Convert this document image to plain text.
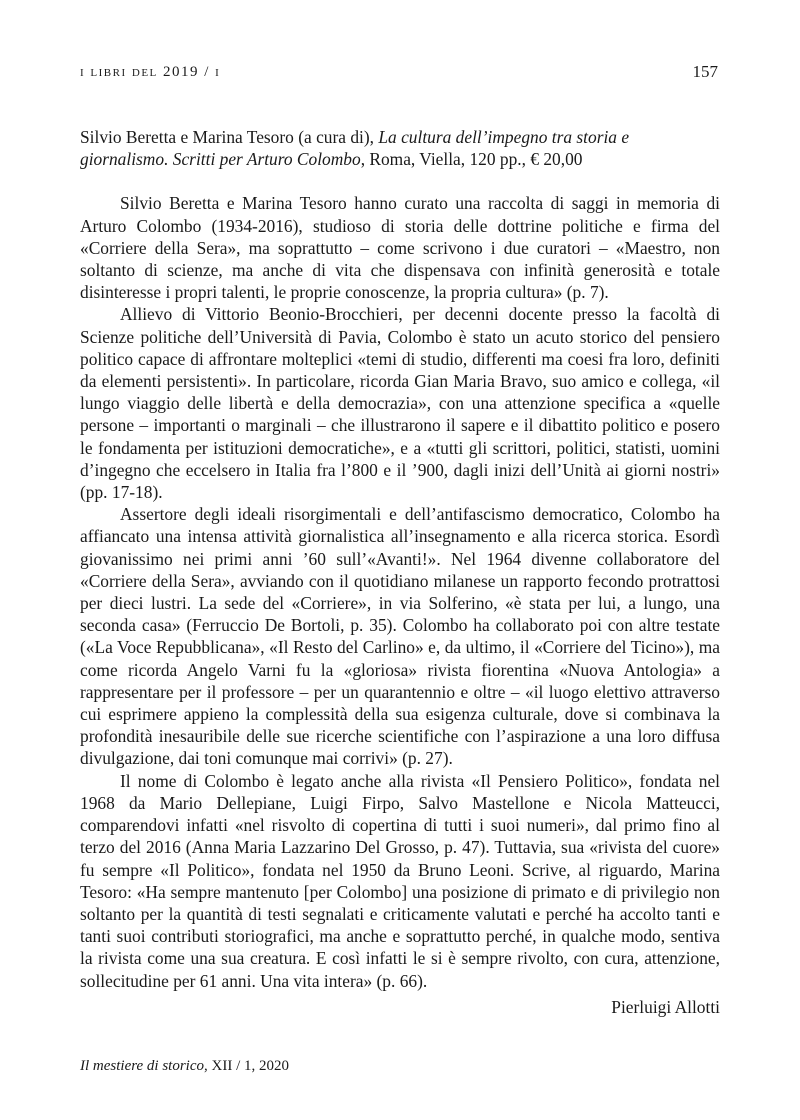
i libri del 2019 / i	157

Silvio Beretta e Marina Tesoro (a cura di), La cultura dell’impegno tra storia e giornalismo. Scritti per Arturo Colombo, Roma, Viella, 120 pp., € 20,00

Silvio Beretta e Marina Tesoro hanno curato una raccolta di saggi in memoria di Arturo Colombo (1934-2016), studioso di storia delle dottrine politiche e firma del «Corriere della Sera», ma soprattutto – come scrivono i due curatori – «Maestro, non soltanto di scienze, ma anche di vita che dispensava con infinità generosità e totale disinteresse i propri talenti, le proprie conoscenze, la propria cultura» (p. 7).

Allievo di Vittorio Beonio-Brocchieri, per decenni docente presso la facoltà di Scienze politiche dell’Università di Pavia, Colombo è stato un acuto storico del pensiero politico capace di affrontare molteplici «temi di studio, differenti ma coesi fra loro, definiti da elementi persistenti». In particolare, ricorda Gian Maria Bravo, suo amico e collega, «il lungo viaggio delle libertà e della democrazia», con una attenzione specifica a «quelle persone – importanti o marginali – che illustrarono il sapere e il dibattito politico e posero le fondamenta per istituzioni democratiche», e a «tutti gli scrittori, politici, statisti, uomini d’ingegno che eccelsero in Italia fra l’800 e il ’900, dagli inizi dell’Unità ai giorni nostri» (pp. 17-18).

Assertore degli ideali risorgimentali e dell’antifascismo democratico, Colombo ha affiancato una intensa attività giornalistica all’insegnamento e alla ricerca storica. Esordì giovanissimo nei primi anni ’60 sull’«Avanti!». Nel 1964 divenne collaboratore del «Corriere della Sera», avviando con il quotidiano milanese un rapporto fecondo protrattosi per dieci lustri. La sede del «Corriere», in via Solferino, «è stata per lui, a lungo, una seconda casa» (Ferruccio De Bortoli, p. 35). Colombo ha collaborato poi con altre testate («La Voce Repubblicana», «Il Resto del Carlino» e, da ultimo, il «Corriere del Ticino»), ma come ricorda Angelo Varni fu la «gloriosa» rivista fiorentina «Nuova Antologia» a rappresentare per il professore – per un quarantennio e oltre – «il luogo elettivo attraverso cui esprimere appieno la complessità della sua esigenza culturale, dove si combinava la profondità inesauribile delle sue ricerche scientifiche con l’aspirazione a una loro diffusa divulgazione, dai toni comunque mai corrivi» (p. 27).

Il nome di Colombo è legato anche alla rivista «Il Pensiero Politico», fondata nel 1968 da Mario Dellepiane, Luigi Firpo, Salvo Mastellone e Nicola Matteucci, comparendovi infatti «nel risvolto di copertina di tutti i suoi numeri», dal primo fino al terzo del 2016 (Anna Maria Lazzarino Del Grosso, p. 47). Tuttavia, sua «rivista del cuore» fu sempre «Il Politico», fondata nel 1950 da Bruno Leoni. Scrive, al riguardo, Marina Tesoro: «Ha sempre mantenuto [per Colombo] una posizione di primato e di privilegio non soltanto per la quantità di testi segnalati e criticamente valutati e perché ha accolto tanti e tanti suoi contributi storiografici, ma anche e soprattutto perché, in qualche modo, sentiva la rivista come una sua creatura. E così infatti le si è sempre rivolto, con cura, attenzione, sollecitudine per 61 anni. Una vita intera» (p. 66).

Pierluigi Allotti

Il mestiere di storico, XII / 1, 2020
